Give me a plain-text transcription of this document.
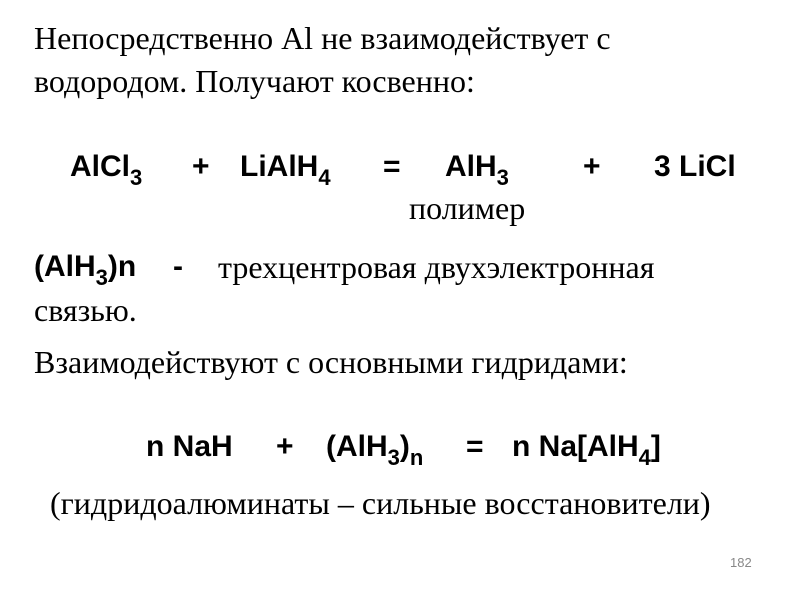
Непосредственно Al не взаимодействует с
водородом. Получают косвенно:
AlCl$_3$ + LiAlH$_4$ = AlH$_3$ + 3 LiCl
полимер
(AlH$_3$)n - трехцентровая двухэлектронная
связью.
Взаимодействуют с основными гидридами:
n NaH + $(AlH_3)_n = n$ Na[AlH$_4$]
(гидридоалюминаты – сильные восстановители)
182
